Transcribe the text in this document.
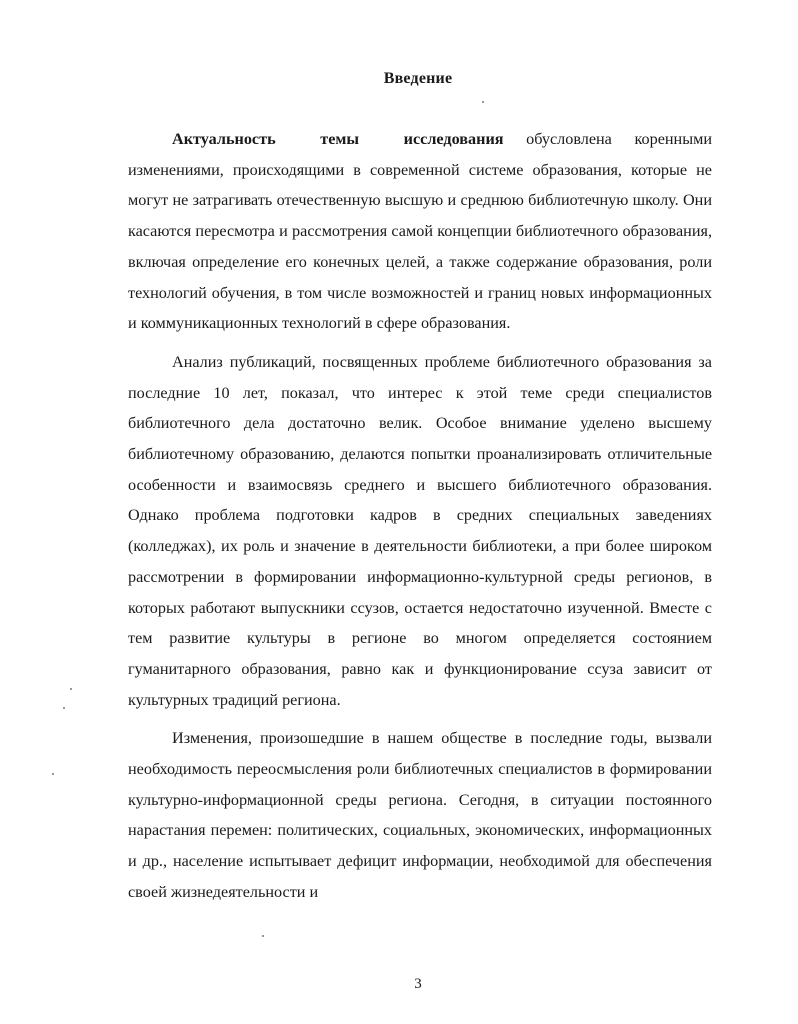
Введение

Актуальность темы исследования обусловлена коренными изменениями, происходящими в современной системе образования, которые не могут не затрагивать отечественную высшую и среднюю библиотечную школу. Они касаются пересмотра и рассмотрения самой концепции библиотечного образования, включая определение его конечных целей, а также содержание образования, роли технологий обучения, в том числе возможностей и границ новых информационных и коммуникационных технологий в сфере образования.

Анализ публикаций, посвященных проблеме библиотечного образования за последние 10 лет, показал, что интерес к этой теме среди специалистов библиотечного дела достаточно велик. Особое внимание уделено высшему библиотечному образованию, делаются попытки проанализировать отличительные особенности и взаимосвязь среднего и высшего библиотечного образования. Однако проблема подготовки кадров в средних специальных заведениях (колледжах), их роль и значение в деятельности библиотеки, а при более широком рассмотрении в формировании информационно-культурной среды регионов, в которых работают выпускники ссузов, остается недостаточно изученной. Вместе с тем развитие культуры в регионе во многом определяется состоянием гуманитарного образования, равно как и функционирование ссуза зависит от культурных традиций региона.

Изменения, произошедшие в нашем обществе в последние годы, вызвали необходимость переосмысления роли библиотечных специалистов в формировании культурно-информационной среды региона. Сегодня, в ситуации постоянного нарастания перемен: политических, социальных, экономических, информационных и др., население испытывает дефицит информации, необходимой для обеспечения своей жизнедеятельности и

3
